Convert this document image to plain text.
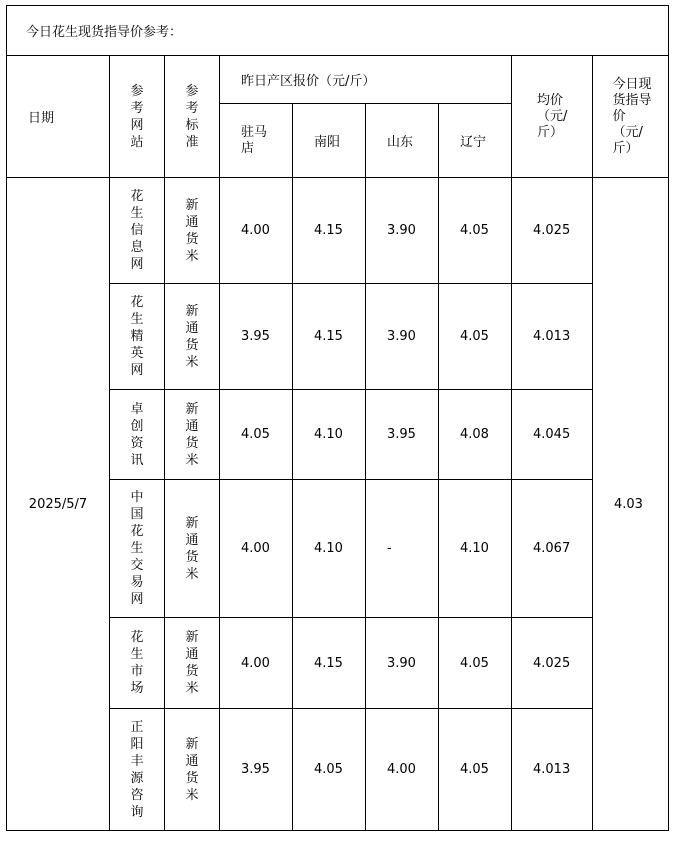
今日花生现货指导价参考：								
日期	参考网站	参考标准	昨日产区报价（元/斤）				均价（元/斤）	今日现货指导价（元/斤）
			驻马店	南阳	山东	辽宁		
2025/5/7	花生信息网	新通货米	4.00	4.15	3.90	4.05	4.025	4.03
	花生精英网	新通货米	3.95	4.15	3.90	4.05	4.013	
	卓创资讯	新通货米	4.05	4.10	3.95	4.08	4.045	
	中国花生交易网	新通货米	4.00	4.10	-	4.10	4.067	
	花生市场	新通货米	4.00	4.15	3.90	4.05	4.025	
	正阳丰源咨询	新通货米	3.95	4.05	4.00	4.05	4.013	
